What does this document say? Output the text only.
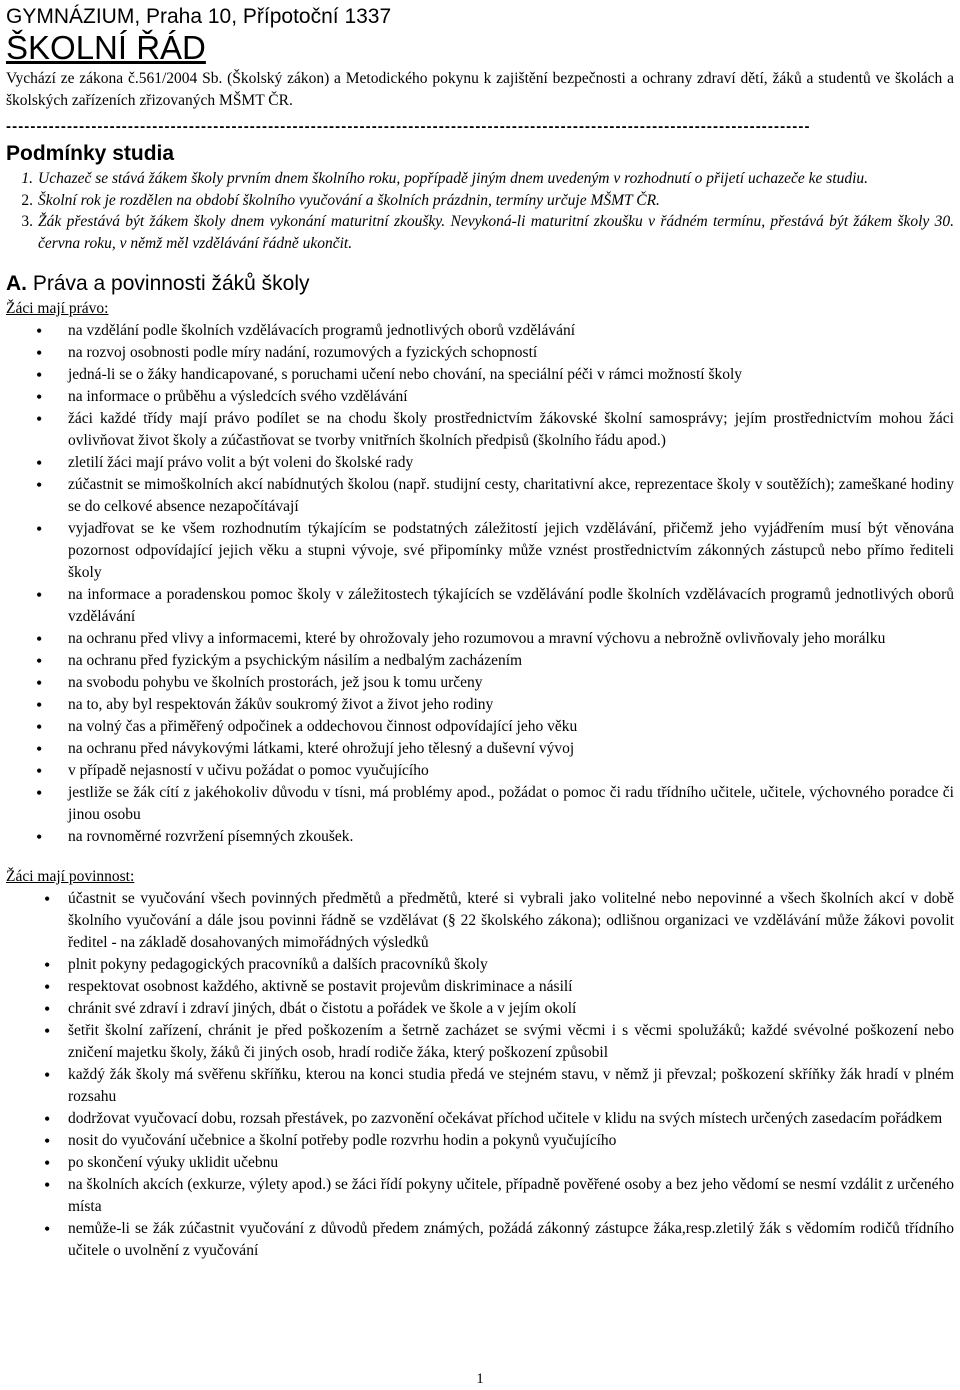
GYMNÁZIUM, Praha 10, Přípotoční 1337
ŠKOLNÍ ŘÁD

Vychází ze zákona č.561/2004 Sb. (Školský zákon) a Metodického pokynu k zajištění bezpečnosti a ochrany zdraví dětí, žáků a studentů ve školách a školských zařízeních zřizovaných MŠMT ČR.

------------------------------------------------------------------------------------------------------------------------------------
Podmínky studia
1. Uchazeč se stává žákem školy prvním dnem školního roku, popřípadě jiným dnem uvedeným v rozhodnutí o přijetí uchazeče ke studiu.
2. Školní rok je rozdělen na období školního vyučování a školních prázdnin, termíny určuje MŠMT ČR.
3. Žák přestává být žákem školy dnem vykonání maturitní zkoušky. Nevykoná-li maturitní zkoušku v řádném termínu, přestává být žákem školy 30. června roku, v němž měl vzdělávání řádně ukončit.
A. Práva a povinnosti žáků školy

Žáci mají právo:

• na vzdělání podle školních vzdělávacích programů jednotlivých oborů vzdělávání
• na rozvoj osobnosti podle míry nadání, rozumových a fyzických schopností
• jedná-li se o žáky handicapované, s poruchami učení nebo chování, na speciální péči v rámci možností školy
• na informace o průběhu a výsledcích svého vzdělávání
• žáci každé třídy mají právo podílet se na chodu školy prostřednictvím žákovské školní samosprávy; jejím prostřednictvím mohou žáci ovlivňovat život školy a zúčastňovat se tvorby vnitřních školních předpisů (školního řádu apod.)
• zletilí žáci mají právo volit a být voleni do školské rady
• zúčastnit se mimoškolních akcí nabídnutých školou (např. studijní cesty, charitativní akce, reprezentace školy v soutěžích); zameškané hodiny se do celkové absence nezapočítávají
• vyjadřovat se ke všem rozhodnutím týkajícím se podstatných záležitostí jejich vzdělávání, přičemž jeho vyjádřením musí být věnována pozornost odpovídající jejich věku a stupni vývoje, své připomínky může vznést prostřednictvím zákonných zástupců nebo přímo řediteli školy
• na informace a poradenskou pomoc školy v záležitostech týkajících se vzdělávání podle školních vzdělávacích programů jednotlivých oborů vzdělávání
• na ochranu před vlivy a informacemi, které by ohrožovaly jeho rozumovou a mravní výchovu a nebrožně ovlivňovaly jeho morálku
• na ochranu před fyzickým a psychickým násilím a nedbalým zacházením
• na svobodu pohybu ve školních prostorách, jež jsou k tomu určeny
• na to, aby byl respektován žákův soukromý život a život jeho rodiny
• na volný čas a přiměřený odpočinek a oddechovou činnost odpovídající jeho věku
• na ochranu před návykovými látkami, které ohrožují jeho tělesný a duševní vývoj
• v případě nejasností v učivu požádat o pomoc vyučujícího
• jestliže se žák cítí z jakéhokoliv důvodu v tísni, má problémy apod., požádat o pomoc či radu třídního učitele, učitele, výchovného poradce či jinou osobu
• na rovnoměrné rozvržení písemných zkoušek.

Žáci mají povinnost:

• účastnit se vyučování všech povinných předmětů a předmětů, které si vybrali jako volitelné nebo nepovinné a všech školních akcí v době školního vyučování a dále jsou povinni řádně se vzdělávat (§ 22 školského zákona); odlišnou organizaci ve vzdělávání může žákovi povolit ředitel - na základě dosahovaných mimořádných výsledků
• plnit pokyny pedagogických pracovníků a dalších pracovníků školy
• respektovat osobnost každého, aktivně se postavit projevům diskriminace a násilí
• chránit své zdraví i zdraví jiných, dbát o čistotu a pořádek ve škole a v jejím okolí
• šetřit školní zařízení, chránit je před poškozením a šetrně zacházet se svými věcmi i s věcmi spolužáků; každé svévolné poškození nebo zničení majetku školy, žáků či jiných osob, hradí rodiče žáka, který poškození způsobil
• každý žák školy má svěřenu skříňku, kterou na konci studia předá ve stejném stavu, v němž ji převzal; poškození skříňky žák hradí v plném rozsahu
• dodržovat vyučovací dobu, rozsah přestávek, po zazvonění očekávat příchod učitele v klidu na svých místech určených zasedacím pořádkem
• nosit do vyučování učebnice a školní potřeby podle rozvrhu hodin a pokynů vyučujícího
• po skončení výuky uklidit učebnu
• na školních akcích (exkurze, výlety apod.) se žáci řídí pokyny učitele, případně pověřené osoby a bez jeho vědomí se nesmí vzdálit z určeného místa
• nemůže-li se žák zúčastnit vyučování z důvodů předem známých, požádá zákonný zástupce žáka,resp.zletilý žák s vědomím rodičů třídního učitele o uvolnění z vyučování
1
